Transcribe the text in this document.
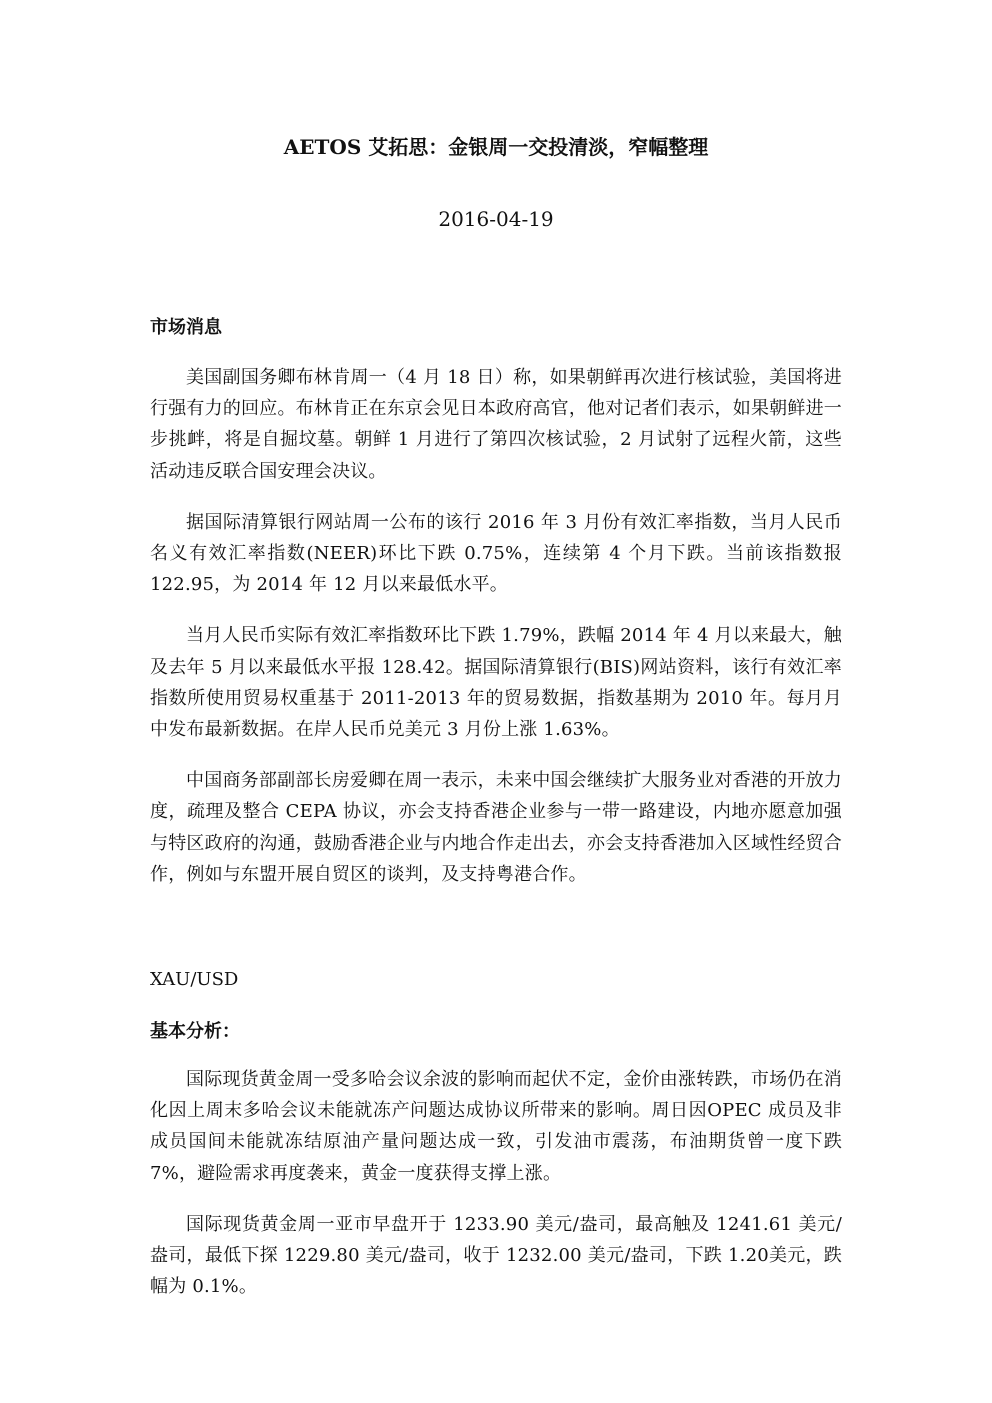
AETOS 艾拓思：金银周一交投清淡，窄幅整理
2016-04-19
市场消息

美国副国务卿布林肯周一（4 月 18 日）称，如果朝鲜再次进行核试验，美国将进行强有力的回应。布林肯正在东京会见日本政府高官，他对记者们表示，如果朝鲜进一步挑衅，将是自掘坟墓。朝鲜 1 月进行了第四次核试验，2 月试射了远程火箭，这些活动违反联合国安理会决议。

据国际清算银行网站周一公布的该行 2016 年 3 月份有效汇率指数，当月人民币名义有效汇率指数(NEER)环比下跌 0.75%，连续第 4 个月下跌。当前该指数报 122.95，为 2014 年 12 月以来最低水平。

当月人民币实际有效汇率指数环比下跌 1.79%，跌幅 2014 年 4 月以来最大，触及去年 5 月以来最低水平报 128.42。据国际清算银行(BIS)网站资料，该行有效汇率指数所使用贸易权重基于 2011-2013 年的贸易数据，指数基期为 2010 年。每月月中发布最新数据。在岸人民币兑美元 3 月份上涨 1.63%。

中国商务部副部长房爱卿在周一表示，未来中国会继续扩大服务业对香港的开放力度，疏理及整合 CEPA 协议，亦会支持香港企业参与一带一路建设，内地亦愿意加强与特区政府的沟通，鼓励香港企业与内地合作走出去，亦会支持香港加入区域性经贸合作，例如与东盟开展自贸区的谈判，及支持粤港合作。

XAU/USD
基本分析：

国际现货黄金周一受多哈会议余波的影响而起伏不定，金价由涨转跌，市场仍在消化因上周末多哈会议未能就冻产问题达成协议所带来的影响。周日因OPEC 成员及非成员国间未能就冻结原油产量问题达成一致，引发油市震荡，布油期货曾一度下跌 7%，避险需求再度袭来，黄金一度获得支撑上涨。

国际现货黄金周一亚市早盘开于 1233.90 美元/盎司，最高触及 1241.61 美元/盎司，最低下探 1229.80 美元/盎司，收于 1232.00 美元/盎司，下跌 1.20美元，跌幅为 0.1%。
